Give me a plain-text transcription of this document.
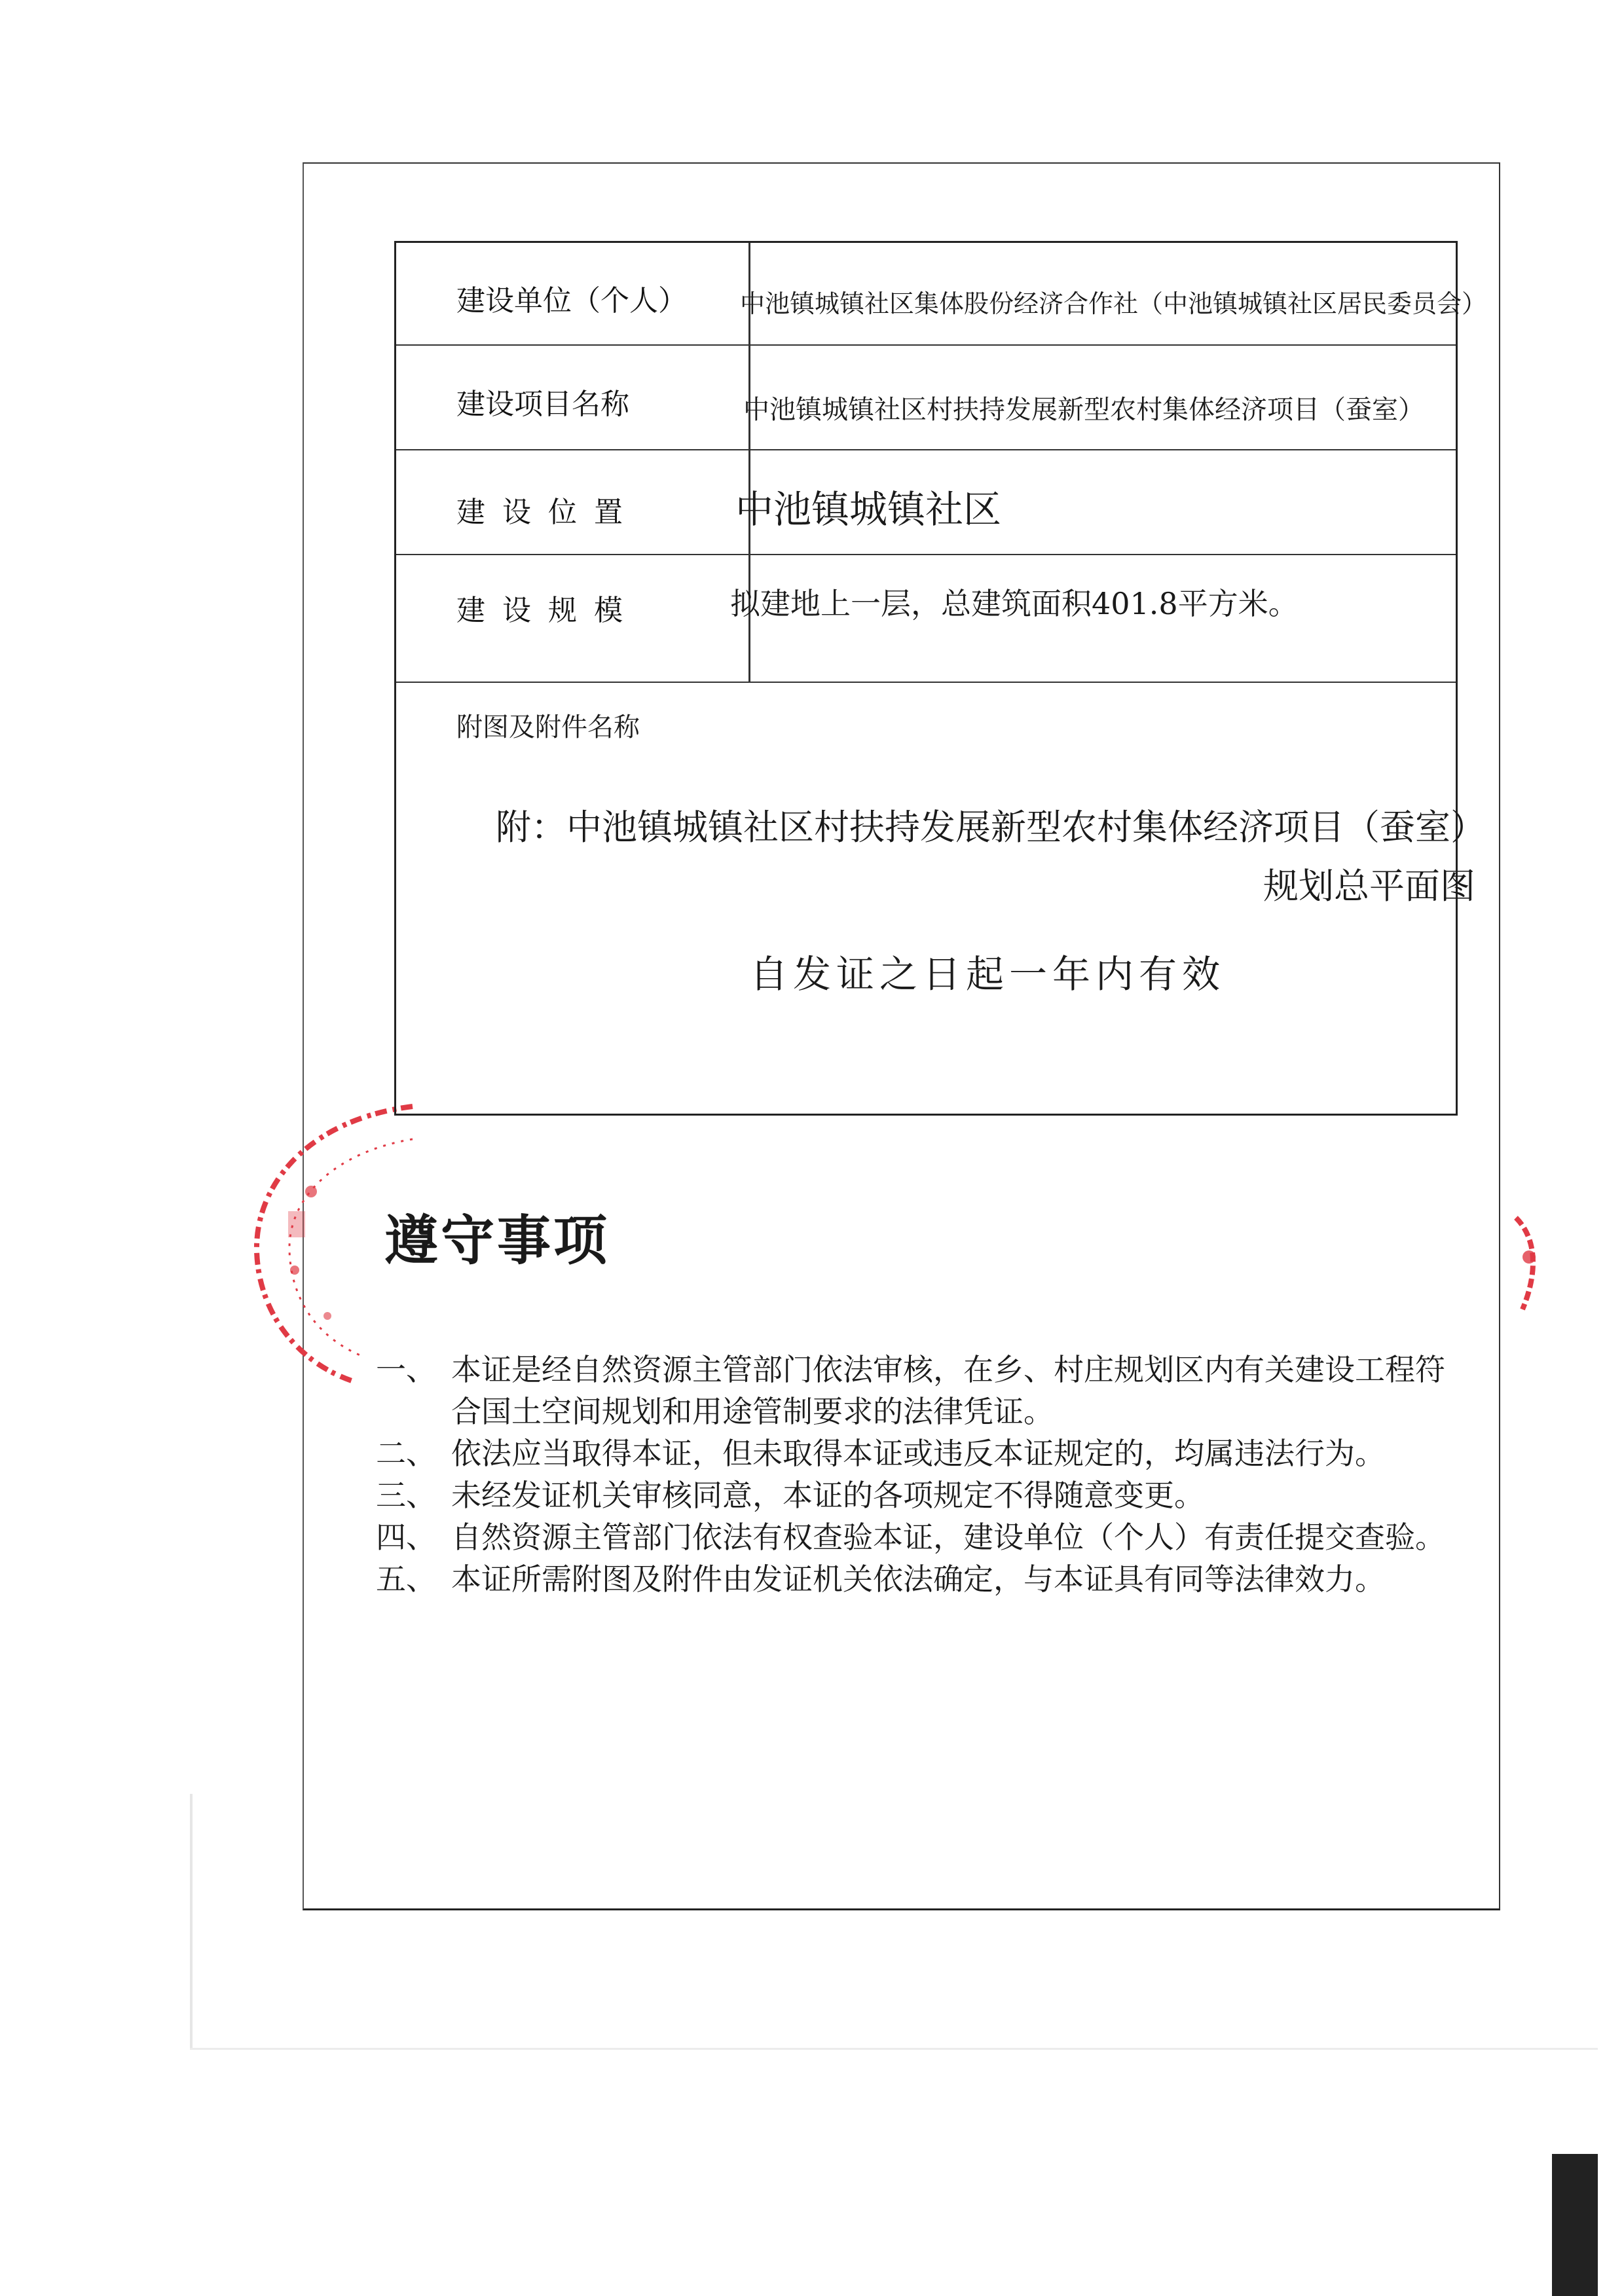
建设单位（个人） 中池镇城镇社区集体股份经济合作社（中池镇城镇社区居民委员会）
建设项目名称	中池镇城镇社区村扶持发展新型农村集体经济项目（蚕室）
建 设 位 置	中池镇城镇社区
建 设 规 模	拟建地上一层，总建筑面积401.8平方米。
附图及附件名称
附：中池镇城镇社区村扶持发展新型农村集体经济项目（蚕室）
规划总平面图
自发证之日起一年内有效
遵守事项

一、 本证是经自然资源主管部门依法审核，在乡、村庄规划区内有关建设工程符合国土空间规划和用途管制要求的法律凭证。

二、 依法应当取得本证，但未取得本证或违反本证规定的，均属违法行为。

三、 未经发证机关审核同意，本证的各项规定不得随意变更。

四、 自然资源主管部门依法有权查验本证，建设单位（个人）有责任提交查验。

五、 本证所需附图及附件由发证机关依法确定，与本证具有同等法律效力。
